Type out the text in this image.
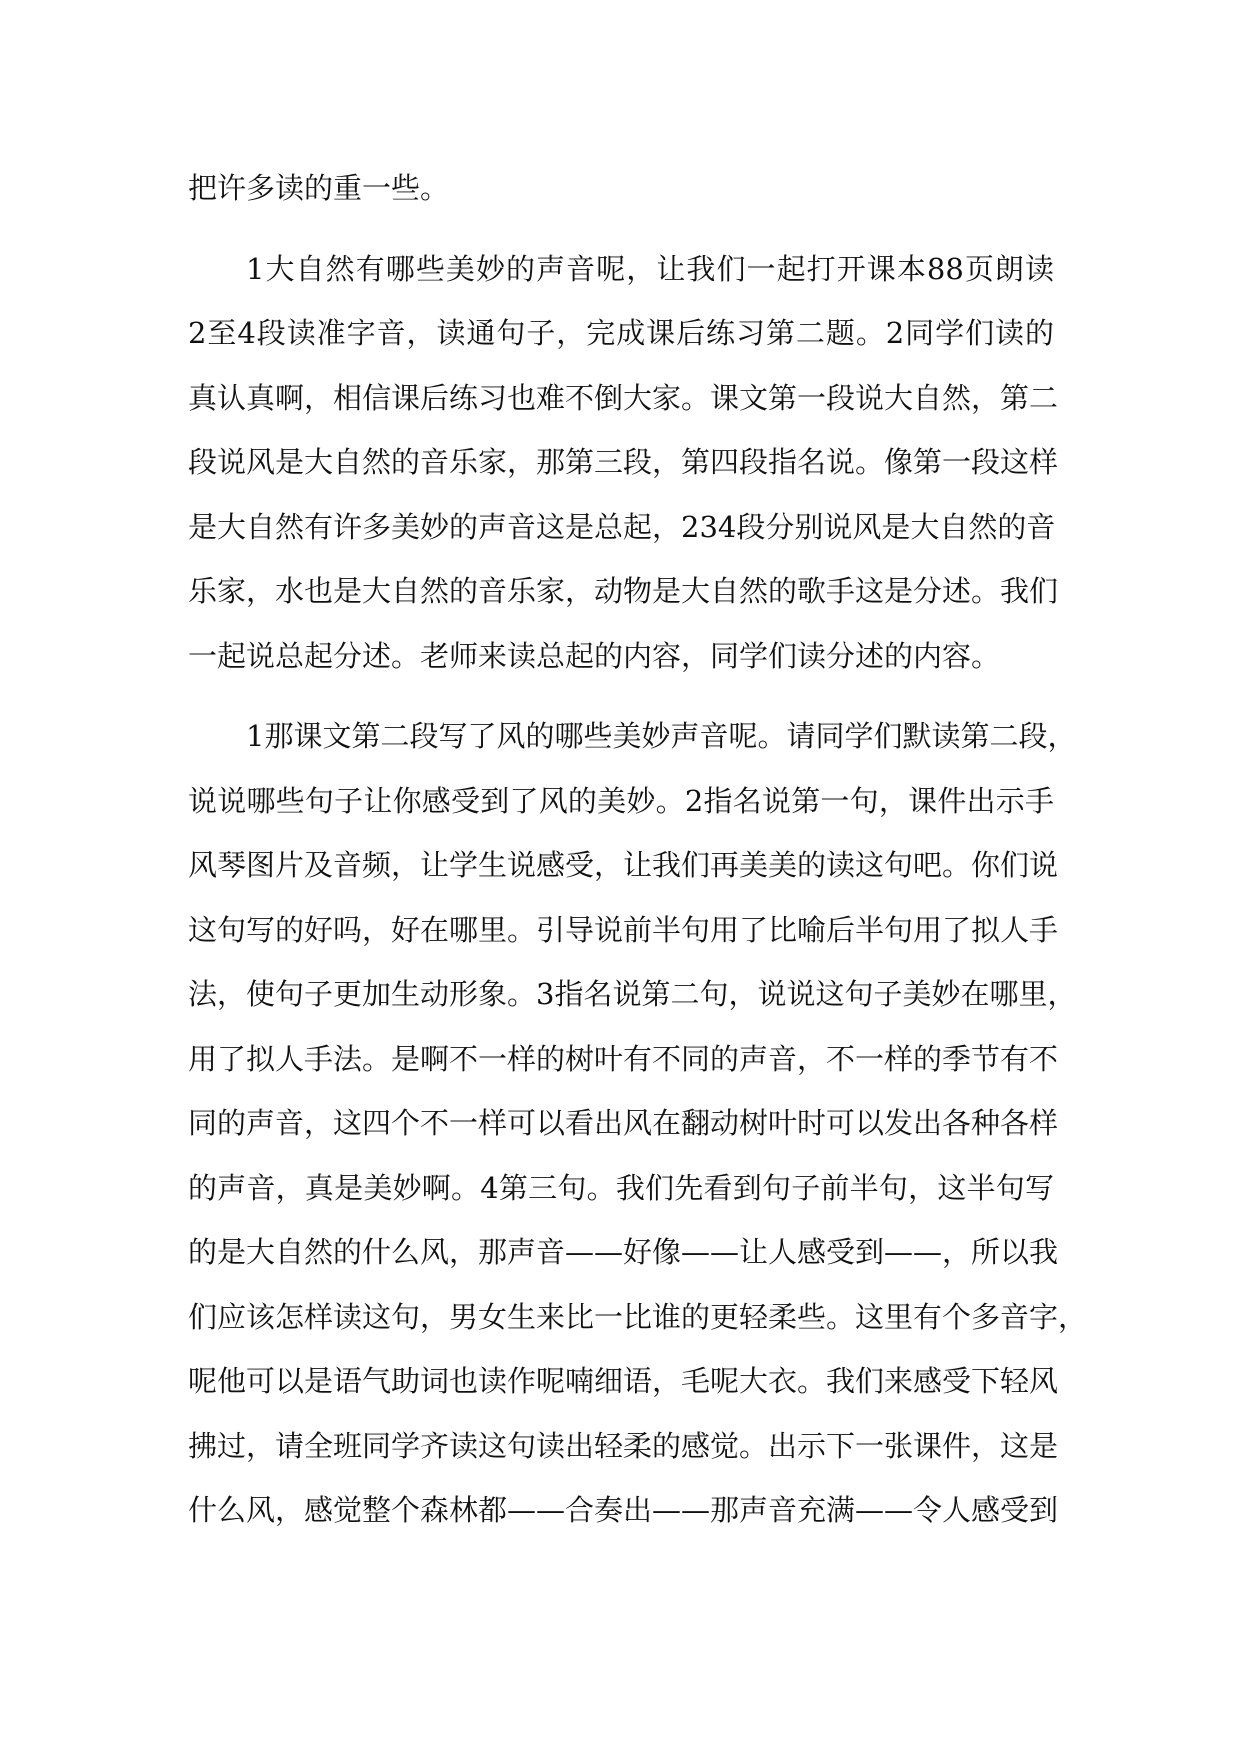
把许多读的重一些。
1大自然有哪些美妙的声音呢，让我们一起打开课本88页朗读
2至4段读准字音，读通句子，完成课后练习第二题。2同学们读的
真认真啊，相信课后练习也难不倒大家。课文第一段说大自然，第二
段说风是大自然的音乐家，那第三段，第四段指名说。像第一段这样
是大自然有许多美妙的声音这是总起，234段分别说风是大自然的音
乐家，水也是大自然的音乐家，动物是大自然的歌手这是分述。我们
一起说总起分述。老师来读总起的内容，同学们读分述的内容。
1那课文第二段写了风的哪些美妙声音呢。请同学们默读第二段，
说说哪些句子让你感受到了风的美妙。2指名说第一句，课件出示手
风琴图片及音频，让学生说感受，让我们再美美的读这句吧。你们说
这句写的好吗，好在哪里。引导说前半句用了比喻后半句用了拟人手
法，使句子更加生动形象。3指名说第二句，说说这句子美妙在哪里，
用了拟人手法。是啊不一样的树叶有不同的声音，不一样的季节有不
同的声音，这四个不一样可以看出风在翻动树叶时可以发出各种各样
的声音，真是美妙啊。4第三句。我们先看到句子前半句，这半句写
的是大自然的什么风，那声音——好像——让人感受到——，所以我
们应该怎样读这句，男女生来比一比谁的更轻柔些。这里有个多音字，
呢他可以是语气助词也读作呢喃细语，毛呢大衣。我们来感受下轻风
拂过，请全班同学齐读这句读出轻柔的感觉。出示下一张课件，这是
什么风，感觉整个森林都——合奏出——那声音充满——令人感受到
